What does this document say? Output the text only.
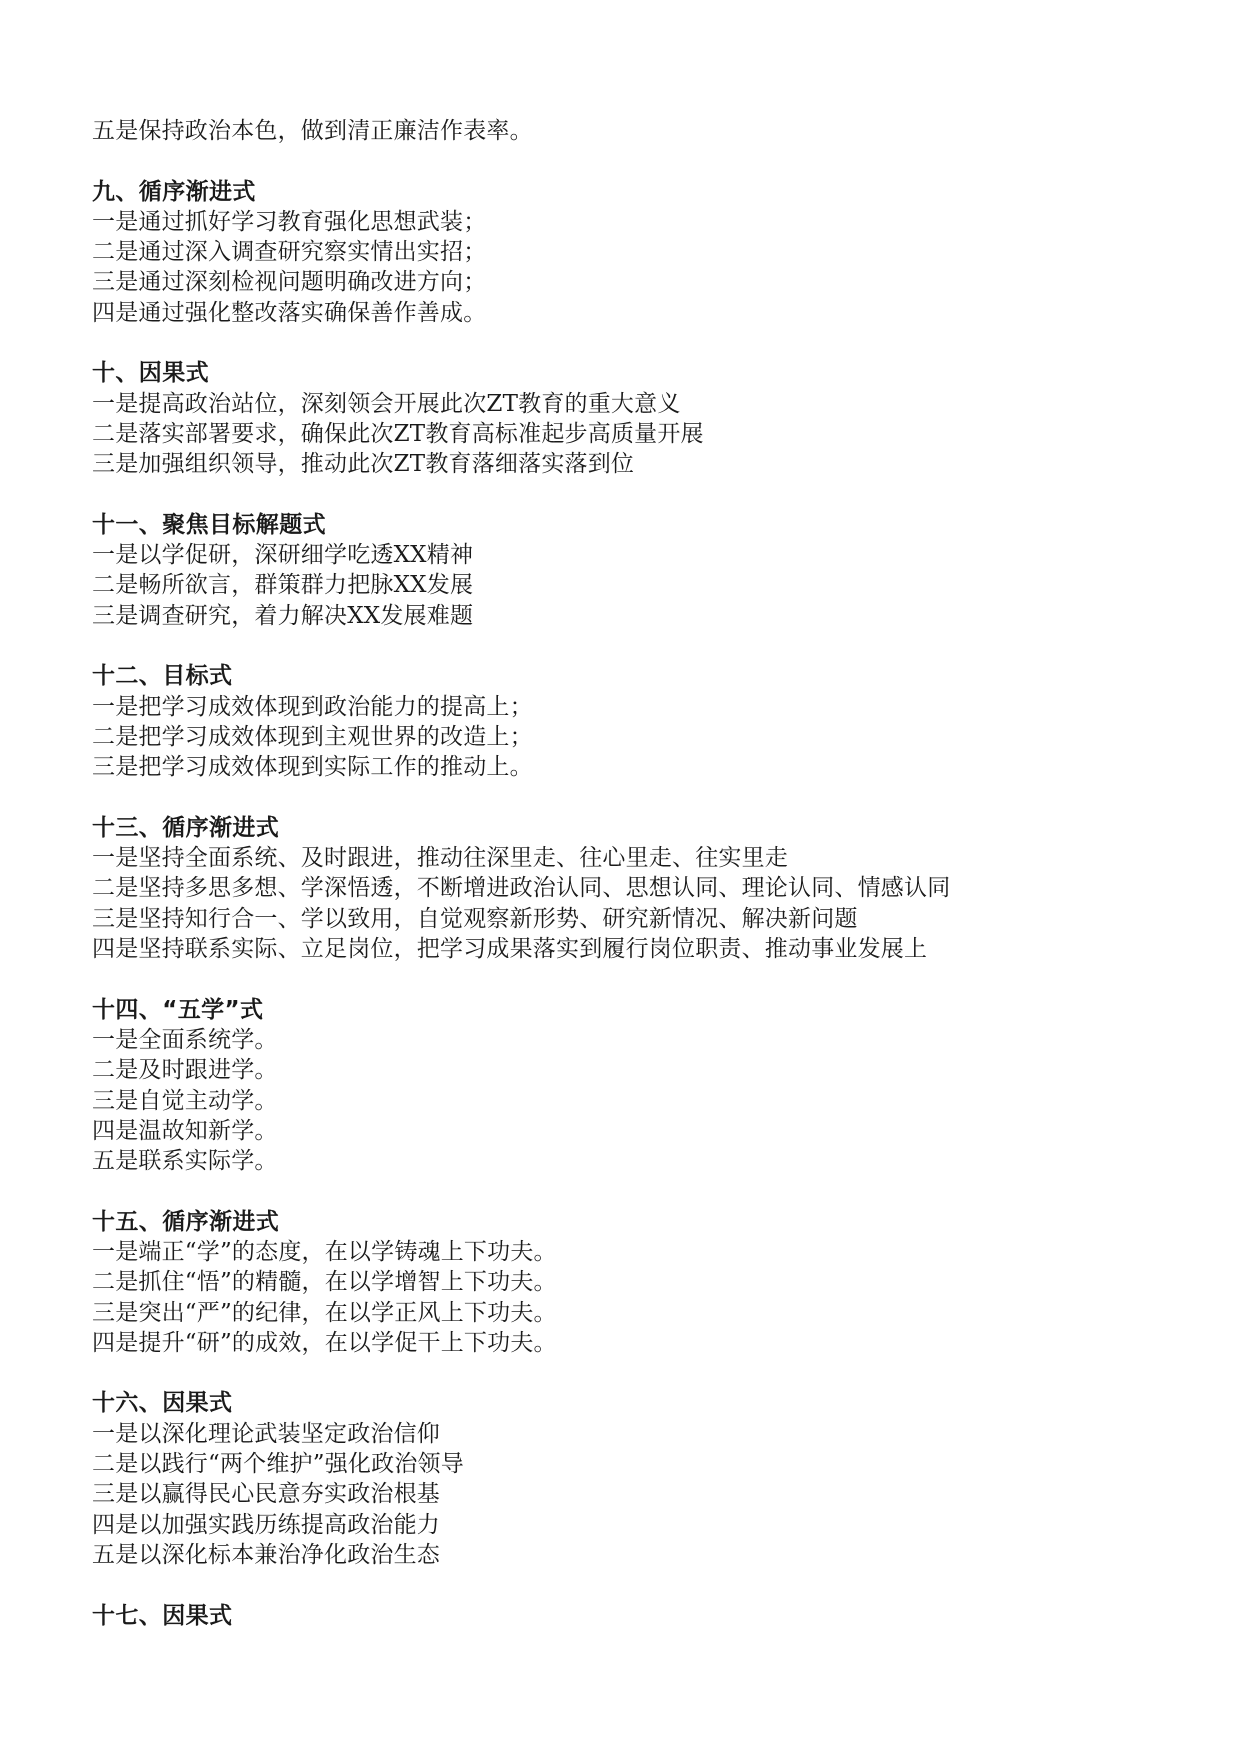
五是保持政治本色，做到清正廉洁作表率。
九、循序渐进式
一是通过抓好学习教育强化思想武装；
二是通过深入调查研究察实情出实招；
三是通过深刻检视问题明确改进方向；
四是通过强化整改落实确保善作善成。
十、因果式
一是提高政治站位，深刻领会开展此次ZT教育的重大意义
二是落实部署要求，确保此次ZT教育高标准起步高质量开展
三是加强组织领导，推动此次ZT教育落细落实落到位
十一、聚焦目标解题式
一是以学促研，深研细学吃透XX精神
二是畅所欲言，群策群力把脉XX发展
三是调查研究，着力解决XX发展难题
十二、目标式
一是把学习成效体现到政治能力的提高上；
二是把学习成效体现到主观世界的改造上；
三是把学习成效体现到实际工作的推动上。
十三、循序渐进式
一是坚持全面系统、及时跟进，推动往深里走、往心里走、往实里走
二是坚持多思多想、学深悟透，不断增进政治认同、思想认同、理论认同、情感认同
三是坚持知行合一、学以致用，自觉观察新形势、研究新情况、解决新问题
四是坚持联系实际、立足岗位，把学习成果落实到履行岗位职责、推动事业发展上
十四、“五学”式
一是全面系统学。
二是及时跟进学。
三是自觉主动学。
四是温故知新学。
五是联系实际学。
十五、循序渐进式
一是端正“学”的态度，在以学铸魂上下功夫。
二是抓住“悟”的精髓，在以学增智上下功夫。
三是突出“严”的纪律，在以学正风上下功夫。
四是提升“研”的成效，在以学促干上下功夫。
十六、因果式
一是以深化理论武装坚定政治信仰
二是以践行“两个维护”强化政治领导
三是以赢得民心民意夯实政治根基
四是以加强实践历练提高政治能力
五是以深化标本兼治净化政治生态
十七、因果式
